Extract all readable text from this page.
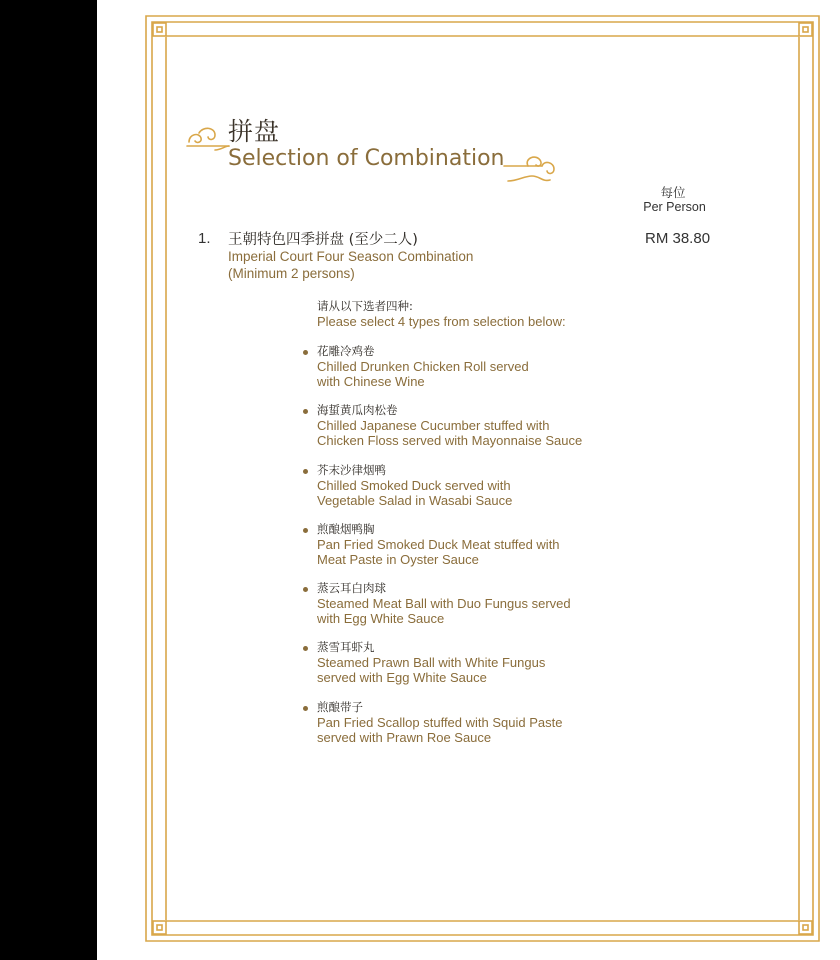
拼盘
Selection of Combination
每位
Per Person
1. 王朝特色四季拼盘 (至少二人)	RM 38.80
Imperial Court Four Season Combination
(Minimum 2 persons)
请从以下选者四种:
Please select 4 types from selection below:
花雕冷鸡卷
Chilled Drunken Chicken Roll served
with Chinese Wine
海蜇黄瓜肉松卷
Chilled Japanese Cucumber stuffed with
Chicken Floss served with Mayonnaise Sauce
芥末沙律烟鸭
Chilled Smoked Duck served with
Vegetable Salad in Wasabi Sauce
煎酿烟鸭胸
Pan Fried Smoked Duck Meat stuffed with
Meat Paste in Oyster Sauce
蒸云耳白肉球
Steamed Meat Ball with Duo Fungus served
with Egg White Sauce
蒸雪耳虾丸
Steamed Prawn Ball with White Fungus
served with Egg White Sauce
煎酿带子
Pan Fried Scallop stuffed with Squid Paste
served with Prawn Roe Sauce
